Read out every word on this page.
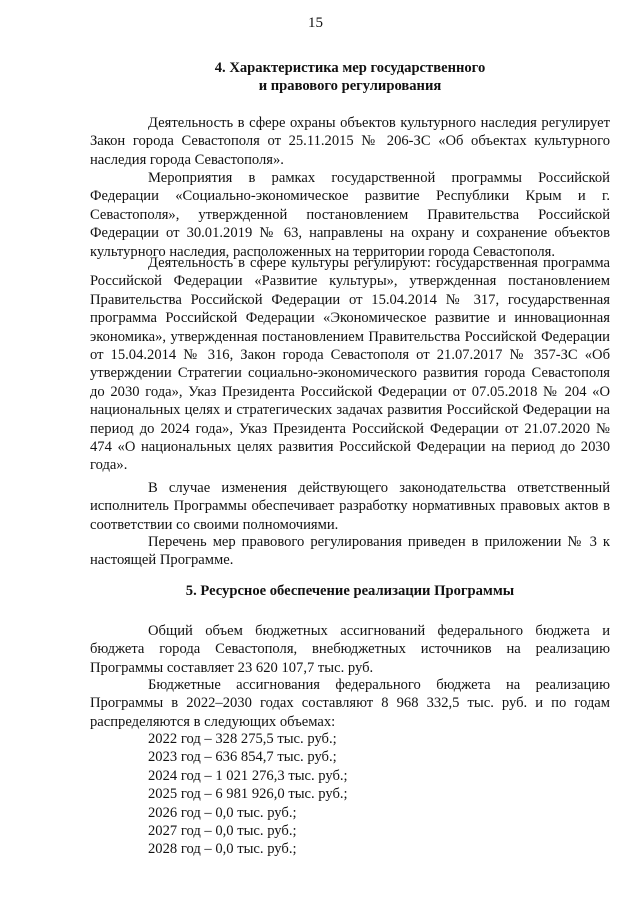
15
4. Характеристика мер государственного
и правового регулирования

Деятельность в сфере охраны объектов культурного наследия регулирует Закон города Севастополя от 25.11.2015 № 206-ЗС «Об объектах культурного наследия города Севастополя».

Мероприятия в рамках государственной программы Российской Федерации «Социально-экономическое развитие Республики Крым и г. Севастополя», утвержденной постановлением Правительства Российской Федерации от 30.01.2019 № 63, направлены на охрану и сохранение объектов культурного наследия, расположенных на территории города Севастополя.

Деятельность в сфере культуры регулируют: государственная программа Российской Федерации «Развитие культуры», утвержденная постановлением Правительства Российской Федерации от 15.04.2014 № 317, государственная программа Российской Федерации «Экономическое развитие и инновационная экономика», утвержденная постановлением Правительства Российской Федерации от 15.04.2014 № 316, Закон города Севастополя от 21.07.2017 № 357-ЗС «Об утверждении Стратегии социально-экономического развития города Севастополя до 2030 года», Указ Президента Российской Федерации от 07.05.2018 № 204 «О национальных целях и стратегических задачах развития Российской Федерации на период до 2024 года», Указ Президента Российской Федерации от 21.07.2020 № 474 «О национальных целях развития Российской Федерации на период до 2030 года».

В случае изменения действующего законодательства ответственный исполнитель Программы обеспечивает разработку нормативных правовых актов в соответствии со своими полномочиями.

Перечень мер правового регулирования приведен в приложении № 3 к настоящей Программе.

5. Ресурсное обеспечение реализации Программы

Общий объем бюджетных ассигнований федерального бюджета и бюджета города Севастополя, внебюджетных источников на реализацию Программы составляет 23 620 107,7 тыс. руб.

Бюджетные ассигнования федерального бюджета на реализацию Программы в 2022–2030 годах составляют 8 968 332,5 тыс. руб. и по годам распределяются в следующих объемах:

2022 год – 328 275,5 тыс. руб.;
2023 год – 636 854,7 тыс. руб.;
2024 год – 1 021 276,3 тыс. руб.;
2025 год – 6 981 926,0 тыс. руб.;
2026 год – 0,0 тыс. руб.;
2027 год – 0,0 тыс. руб.;
2028 год – 0,0 тыс. руб.;
